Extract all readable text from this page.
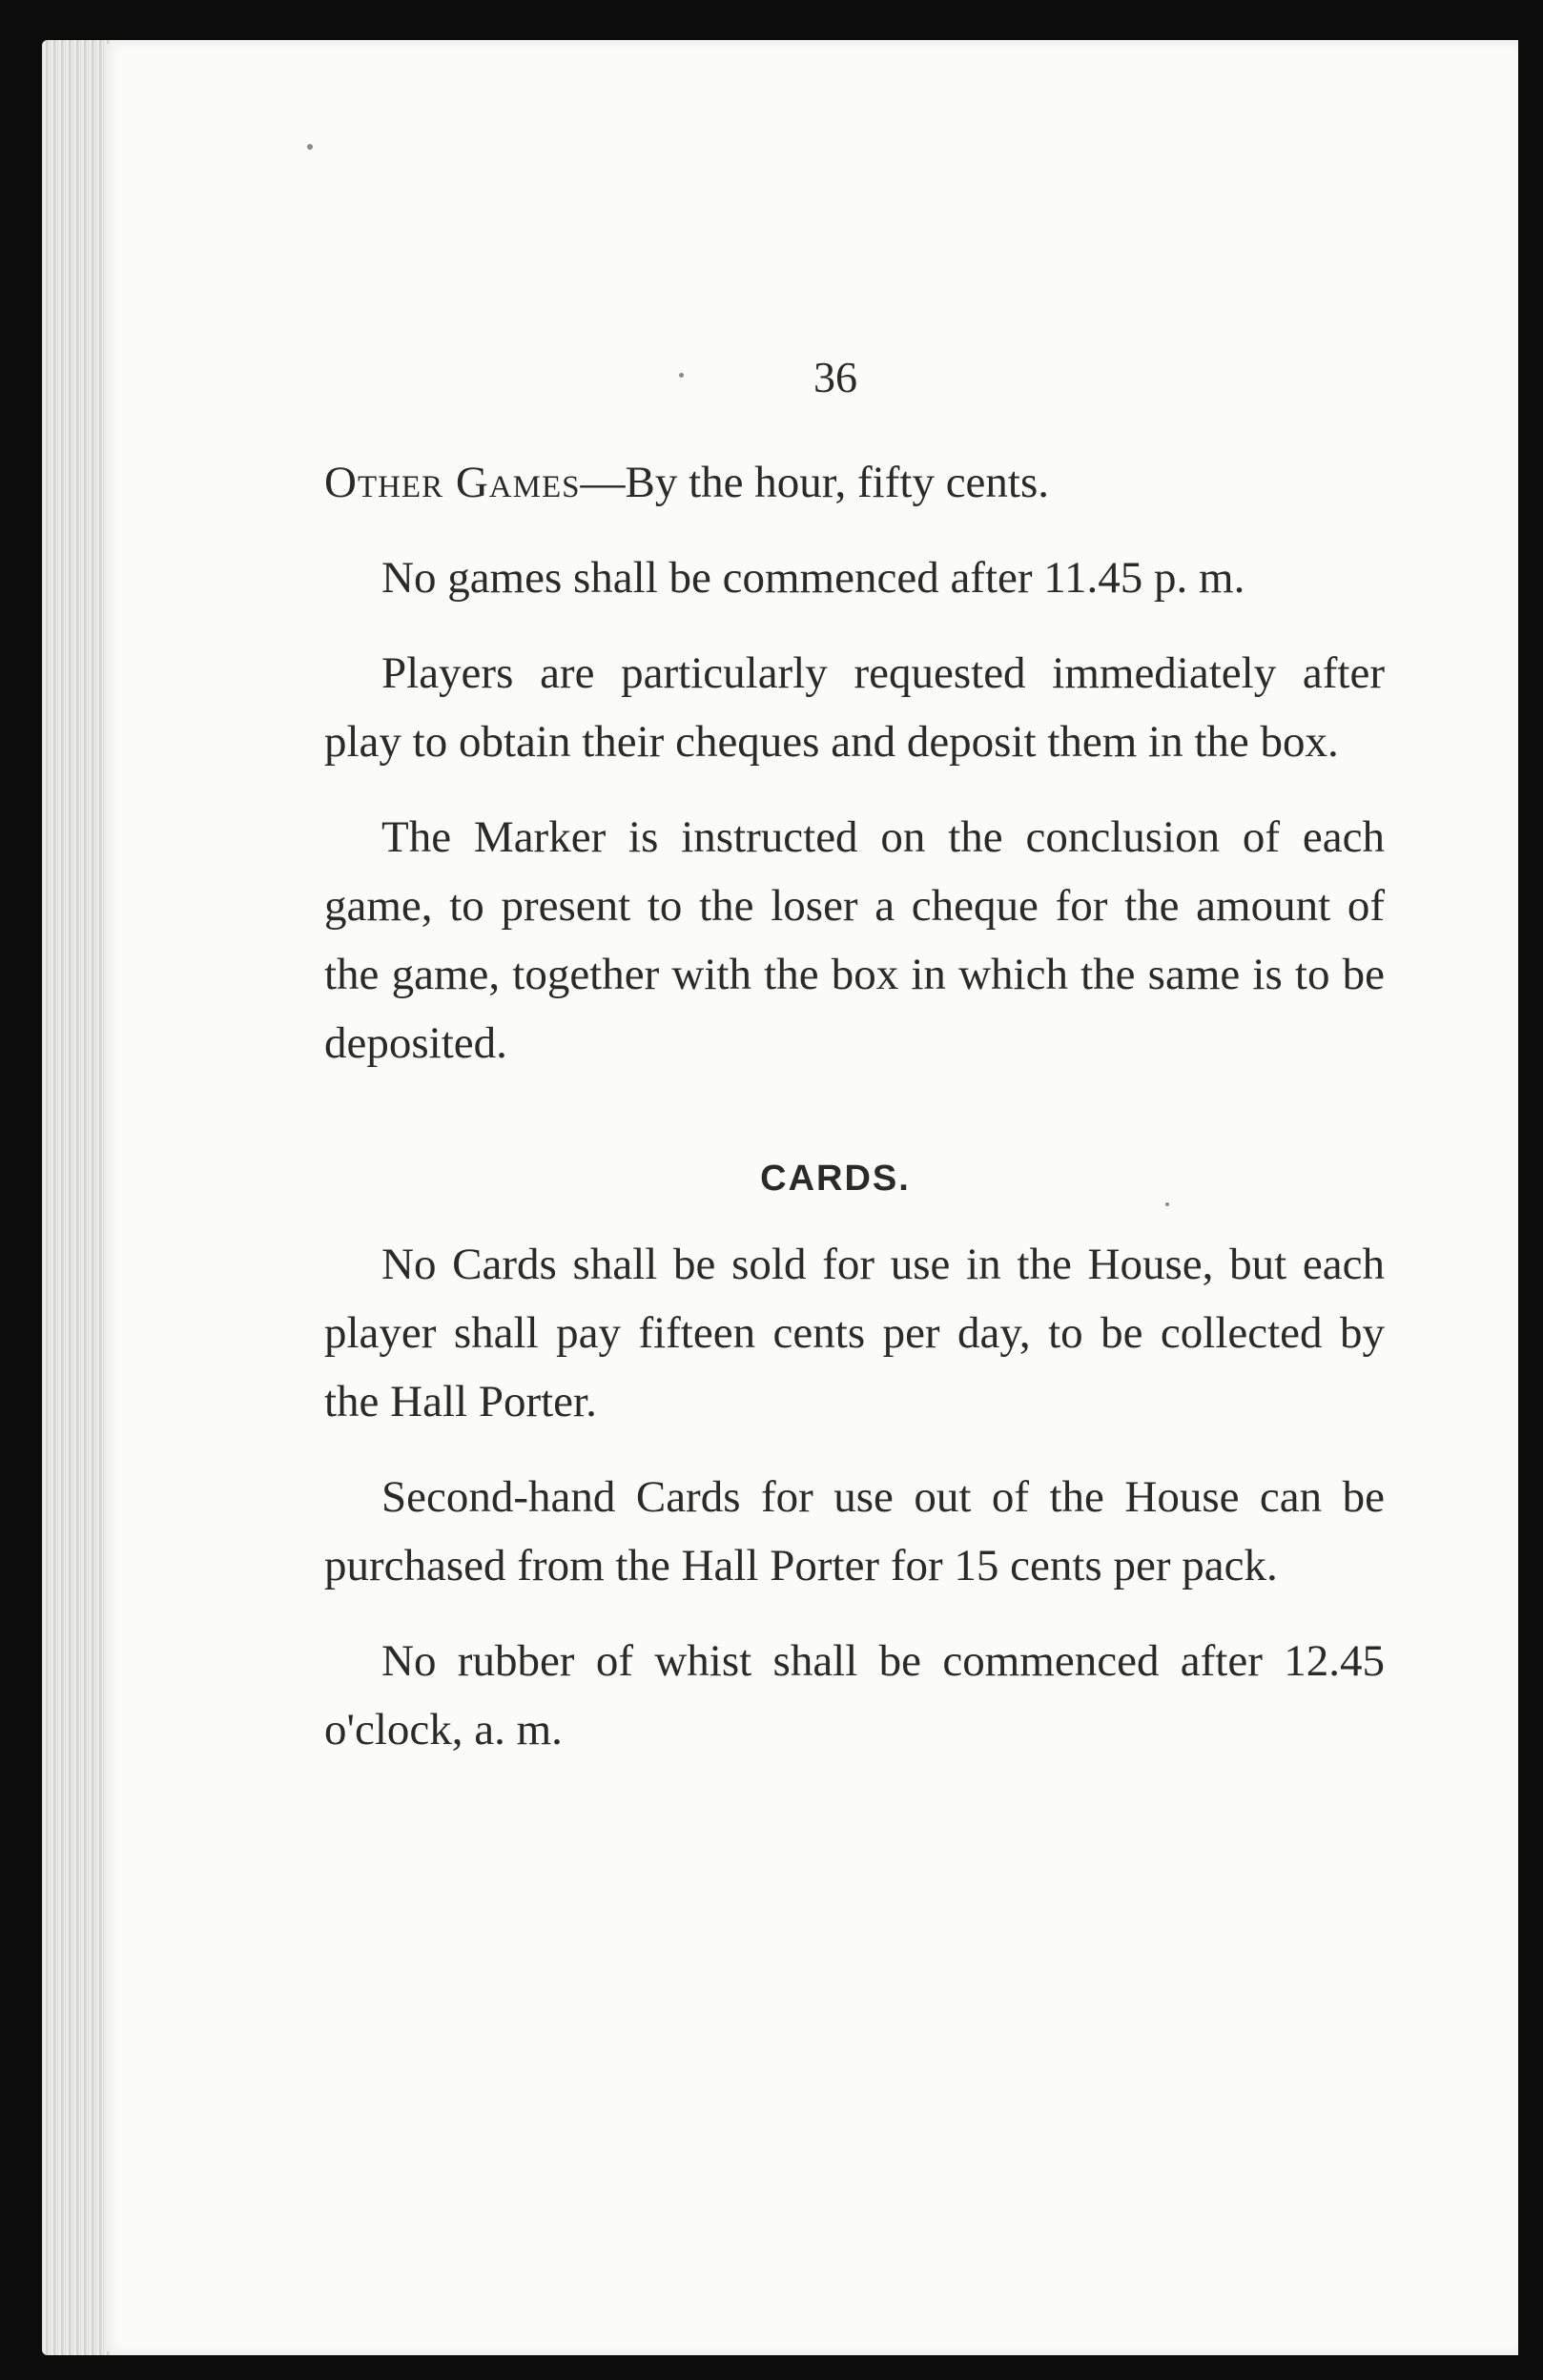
36

Other Games—By the hour, fifty cents.

No games shall be commenced after 11.45 p. m.

Players are particularly requested immediately after play to obtain their cheques and deposit them in the box.

The Marker is instructed on the conclusion of each game, to present to the loser a cheque for the amount of the game, together with the box in which the same is to be deposited.

CARDS.

No Cards shall be sold for use in the House, but each player shall pay fifteen cents per day, to be collected by the Hall Porter.

Second-hand Cards for use out of the House can be purchased from the Hall Porter for 15 cents per pack.

No rubber of whist shall be commenced after 12.45 o'clock, a. m.
